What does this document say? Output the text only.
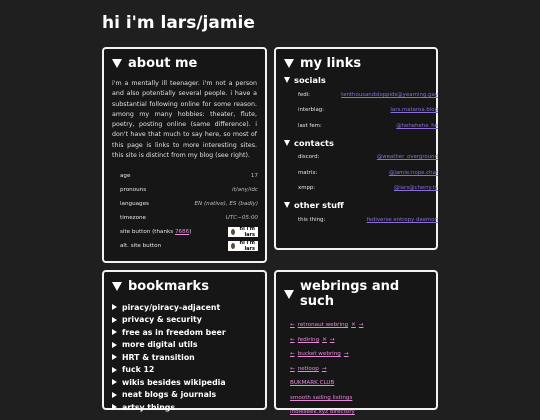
hi i'm lars/jamie
about me
i'm a mentally ill teenager. i'm not a person and also potentially several people. i have a substantial following online for some reason. among my many hobbies: theater, flute, poetry, posting online (same difference). i don't have that much to say here, so most of this page is links to more interesting sites. this site is distinct from my blog (see right).
age	17
pronouns	it/any/idc
languages	EN (native), ES (badly)
timezone	UTC−05:00
site button (thanks 7686)	hi i'm lars

alt. site button	hi i'm lars
my links
socials
fedi:	tenthousandsloppids@yearning.gay
interblag:	lars.mataroa.blog
last fem:	@hehehehe_he
contacts
discord:	@weather_overground
matrix:	@jamie:nope.chat
xmpp:	@lars@cherry.ty
other stuff
this thing:	fediverse entropy daemon
bookmarks
piracy/piracy-adjacent
privacy & security
free as in freedom beer
more digital utils
HRT & transition
fuck 12
wikis besides wikipedia
neat blogs & journals
artsy things
webrings and such
← retronaut webring ✕ →
← fediring ✕ →
← bucket webring →
← netloop →
BUKMARK.CLUB
smooth sailing listings
indieseek.xyz directory
